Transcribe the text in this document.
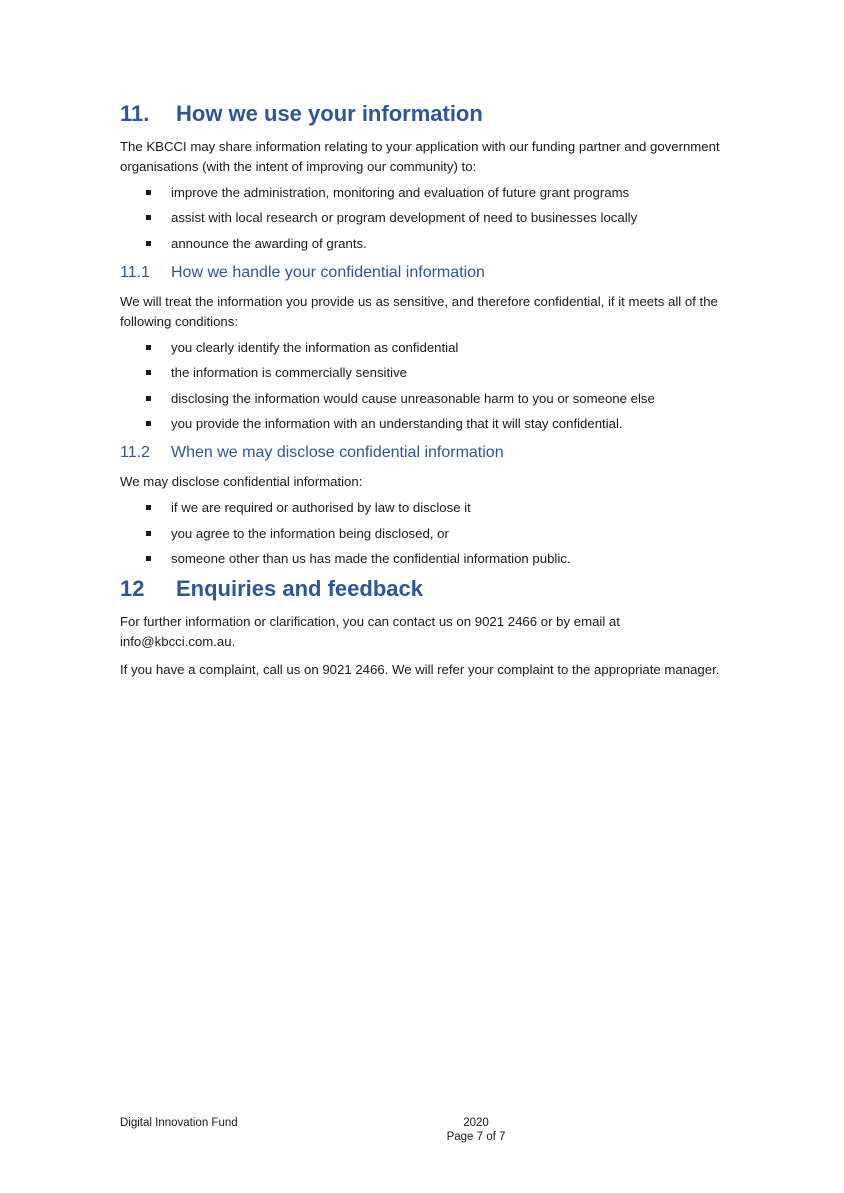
11.	How we use your information

The KBCCI may share information relating to your application with our funding partner and government organisations (with the intent of improving our community) to:

improve the administration, monitoring and evaluation of future grant programs
assist with local research or program development of need to businesses locally
announce the awarding of grants.
11.1	How we handle your confidential information

We will treat the information you provide us as sensitive, and therefore confidential, if it meets all of the following conditions:

you clearly identify the information as confidential
the information is commercially sensitive
disclosing the information would cause unreasonable harm to you or someone else
you provide the information with an understanding that it will stay confidential.
11.2	When we may disclose confidential information

We may disclose confidential information:

if we are required or authorised by law to disclose it
you agree to the information being disclosed, or
someone other than us has made the confidential information public.
12	Enquiries and feedback

For further information or clarification, you can contact us on 9021 2466 or by email at info@kbcci.com.au.

If you have a complaint, call us on 9021 2466. We will refer your complaint to the appropriate manager.

Digital Innovation Fund	2020
Page 7 of 7
